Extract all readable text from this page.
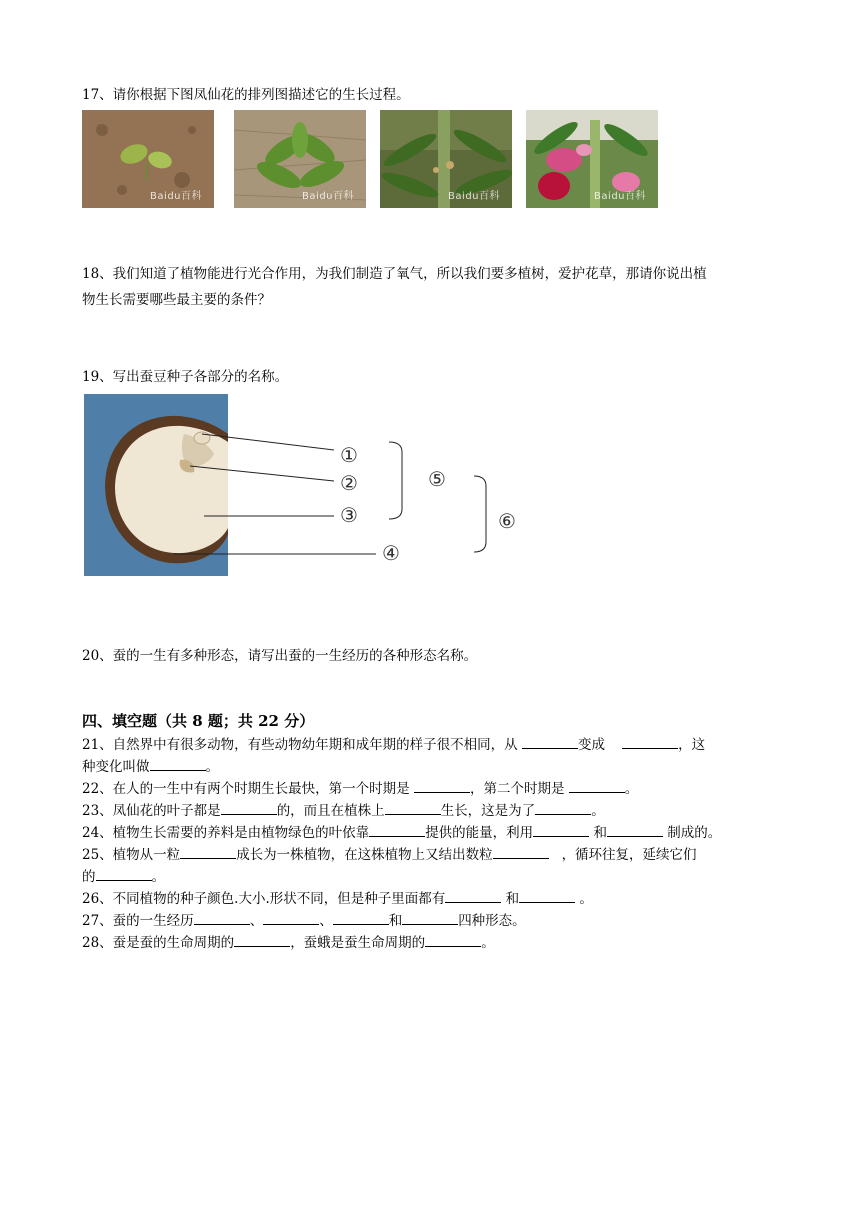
17、请你根据下图凤仙花的排列图描述它的生长过程。
Baidu百科	Baidu百科	Baidu百科	Baidu百科
18、我们知道了植物能进行光合作用，为我们制造了氧气，所以我们要多植树，爱护花草，那请你说出植
物生长需要哪些最主要的条件？
19、写出蚕豆种子各部分的名称。
①
②
③
④
⑤
⑥
20、蚕的一生有多种形态，请写出蚕的一生经历的各种形态名称。
四、填空题（共 8 题；共 22 分）
21、自然界中有很多动物，有些动物幼年期和成年期的样子很不相同，从	变成	，这
种变化叫做	。
22、在人的一生中有两个时期生长最快，第一个时期是	，第二个时期是	。
23、凤仙花的叶子都是	的，而且在植株上	生长，这是为了	。
24、植物生长需要的养料是由植物绿色的叶依靠	提供的能量，利用	和	制成的。
25、植物从一粒	成长为一株植物，在这株植物上又结出数粒	，循环往复，延续它们
的	。
26、不同植物的种子颜色.大小.形状不同，但是种子里面都有	和	。
27、蚕的一生经历	、	、	和	四种形态。
28、蚕是蚕的生命周期的	，蚕蛾是蚕生命周期的	。
